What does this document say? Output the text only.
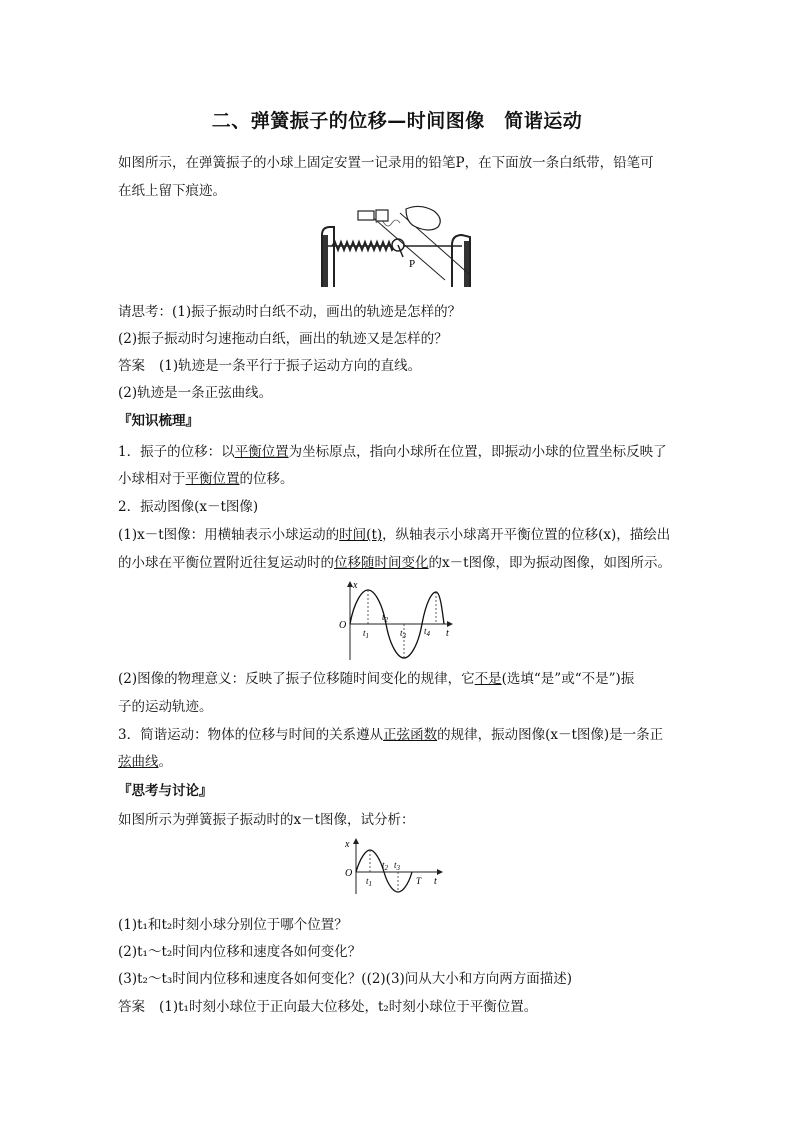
二、弹簧振子的位移—时间图像　简谐运动
如图所示，在弹簧振子的小球上固定安置一记录用的铅笔P，在下面放一条白纸带，铅笔可
在纸上留下痕迹。
P
请思考：(1)振子振动时白纸不动，画出的轨迹是怎样的？
(2)振子振动时匀速拖动白纸，画出的轨迹又是怎样的？
答案 (1)轨迹是一条平行于振子运动方向的直线。
(2)轨迹是一条正弦曲线。
『知识梳理』
1．振子的位移：以平衡位置为坐标原点，指向小球所在位置，即振动小球的位置坐标反映了
小球相对于平衡位置的位移。
2．振动图像(x－t图像)
(1)x－t图像：用横轴表示小球运动的时间(t)，纵轴表示小球离开平衡位置的位移(x)，描绘出
的小球在平衡位置附近往复运动时的位移随时间变化的x－t图像，即为振动图像，如图所示。
x
O
t
$t_1$
$t_2$
$t_3$ $t_4$
(2)图像的物理意义：反映了振子位移随时间变化的规律，它不是(选填“是”或“不是”)振
子的运动轨迹。
3．简谐运动：物体的位移与时间的关系遵从正弦函数的规律，振动图像(x－t图像)是一条正
弦曲线。
『思考与讨论』
如图所示为弹簧振子振动时的x－t图像，试分析：
x
O
t
$t_1$
$t_2$ $t_3$
T
(1)t₁和t₂时刻小球分别位于哪个位置？
(2)t₁～t₂时间内位移和速度各如何变化？
(3)t₂～t₃时间内位移和速度各如何变化？((2)(3)问从大小和方向两方面描述)
答案 (1)t₁时刻小球位于正向最大位移处，t₂时刻小球位于平衡位置。
